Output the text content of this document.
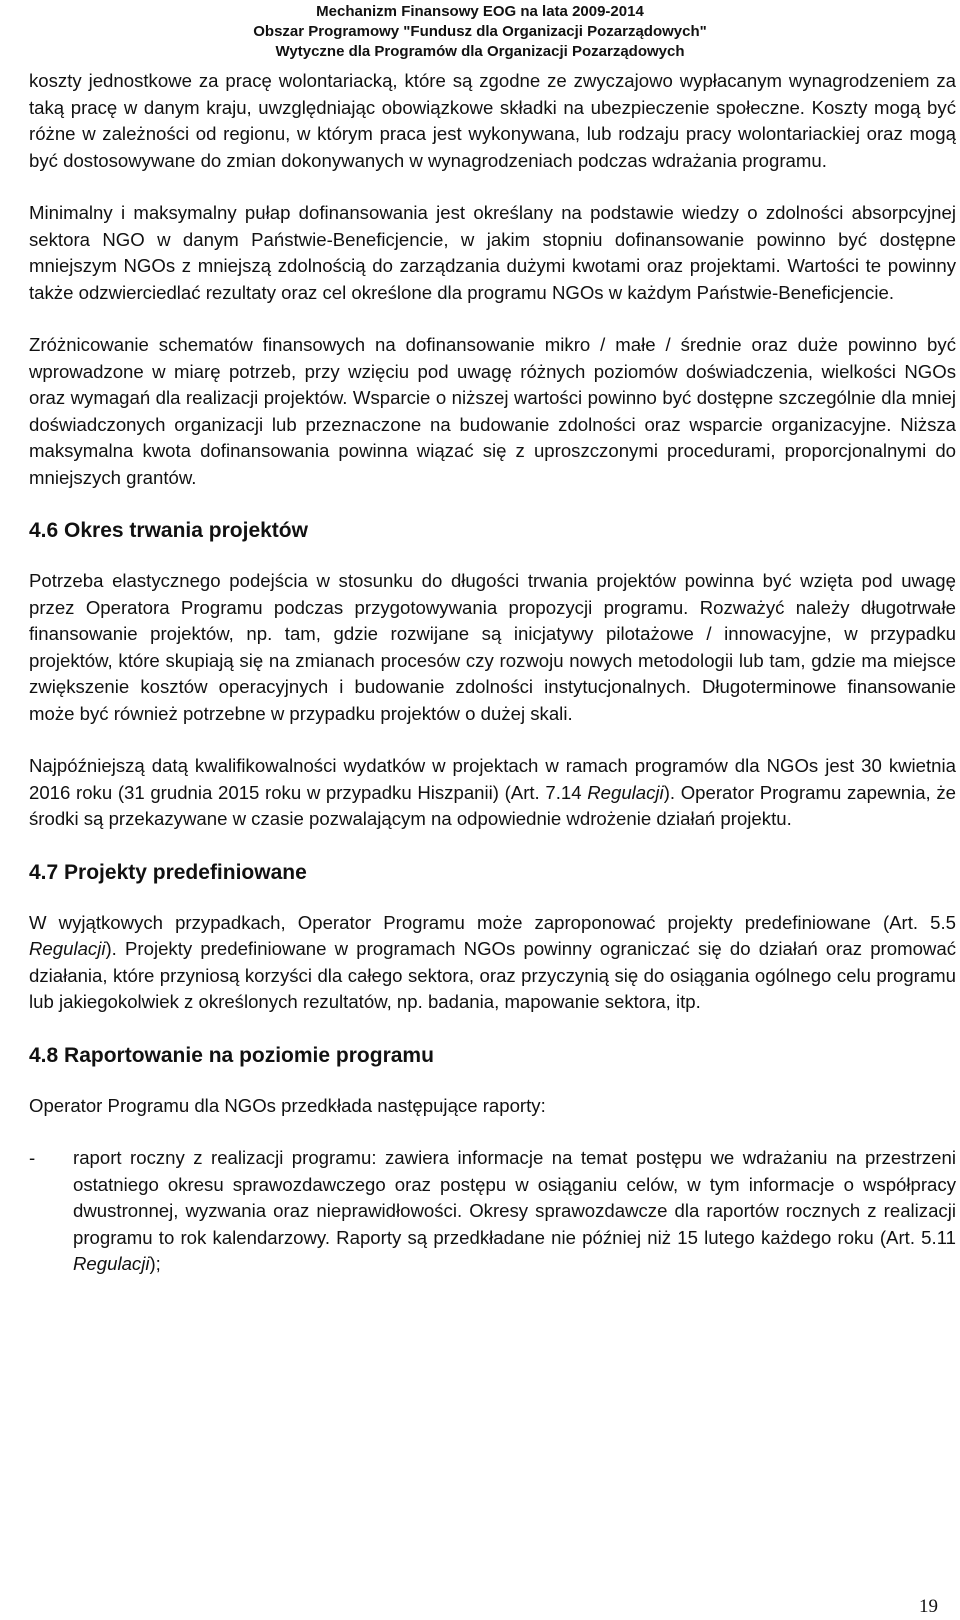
Mechanizm Finansowy EOG na lata 2009-2014
Obszar Programowy "Fundusz dla Organizacji Pozarządowych"
Wytyczne dla Programów dla Organizacji Pozarządowych

koszty jednostkowe za pracę wolontariacką, które są zgodne ze zwyczajowo wypłacanym wynagrodzeniem za taką pracę w danym kraju, uwzględniając obowiązkowe składki na ubezpieczenie społeczne. Koszty mogą być różne w zależności od regionu, w którym praca jest wykonywana, lub rodzaju pracy wolontariackiej oraz mogą być dostosowywane do zmian dokonywanych w wynagrodzeniach podczas wdrażania programu.

Minimalny i maksymalny pułap dofinansowania jest określany na podstawie wiedzy o zdolności absorpcyjnej sektora NGO w danym Państwie-Beneficjencie, w jakim stopniu dofinansowanie powinno być dostępne mniejszym NGOs z mniejszą zdolnością do zarządzania dużymi kwotami oraz projektami. Wartości te powinny także odzwierciedlać rezultaty oraz cel określone dla programu NGOs w każdym Państwie-Beneficjencie.

Zróżnicowanie schematów finansowych na dofinansowanie mikro / małe / średnie oraz duże powinno być wprowadzone w miarę potrzeb, przy wzięciu pod uwagę różnych poziomów doświadczenia, wielkości NGOs oraz wymagań dla realizacji projektów. Wsparcie o niższej wartości powinno być dostępne szczególnie dla mniej doświadczonych organizacji lub przeznaczone na budowanie zdolności oraz wsparcie organizacyjne. Niższa maksymalna kwota dofinansowania powinna wiązać się z uproszczonymi procedurami, proporcjonalnymi do mniejszych grantów.

4.6 Okres trwania projektów

Potrzeba elastycznego podejścia w stosunku do długości trwania projektów powinna być wzięta pod uwagę przez Operatora Programu podczas przygotowywania propozycji programu. Rozważyć należy długotrwałe finansowanie projektów, np. tam, gdzie rozwijane są inicjatywy pilotażowe / innowacyjne, w przypadku projektów, które skupiają się na zmianach procesów czy rozwoju nowych metodologii lub tam, gdzie ma miejsce zwiększenie kosztów operacyjnych i budowanie zdolności instytucjonalnych. Długoterminowe finansowanie może być również potrzebne w przypadku projektów o dużej skali.

Najpóźniejszą datą kwalifikowalności wydatków w projektach w ramach programów dla NGOs jest 30 kwietnia 2016 roku (31 grudnia 2015 roku w przypadku Hiszpanii) (Art. 7.14 Regulacji). Operator Programu zapewnia, że środki są przekazywane w czasie pozwalającym na odpowiednie wdrożenie działań projektu.

4.7 Projekty predefiniowane

W wyjątkowych przypadkach, Operator Programu może zaproponować projekty predefiniowane (Art. 5.5 Regulacji). Projekty predefiniowane w programach NGOs powinny ograniczać się do działań oraz promować działania, które przyniosą korzyści dla całego sektora, oraz przyczynią się do osiągania ogólnego celu programu lub jakiegokolwiek z określonych rezultatów, np. badania, mapowanie sektora, itp.

4.8 Raportowanie na poziomie programu

Operator Programu dla NGOs przedkłada następujące raporty:

-	raport roczny z realizacji programu: zawiera informacje na temat postępu we wdrażaniu na przestrzeni ostatniego okresu sprawozdawczego oraz postępu w osiąganiu celów, w tym informacje o współpracy dwustronnej, wyzwania oraz nieprawidłowości. Okresy sprawozdawcze dla raportów rocznych z realizacji programu to rok kalendarzowy. Raporty są przedkładane nie później niż 15 lutego każdego roku (Art. 5.11 Regulacji);
19
